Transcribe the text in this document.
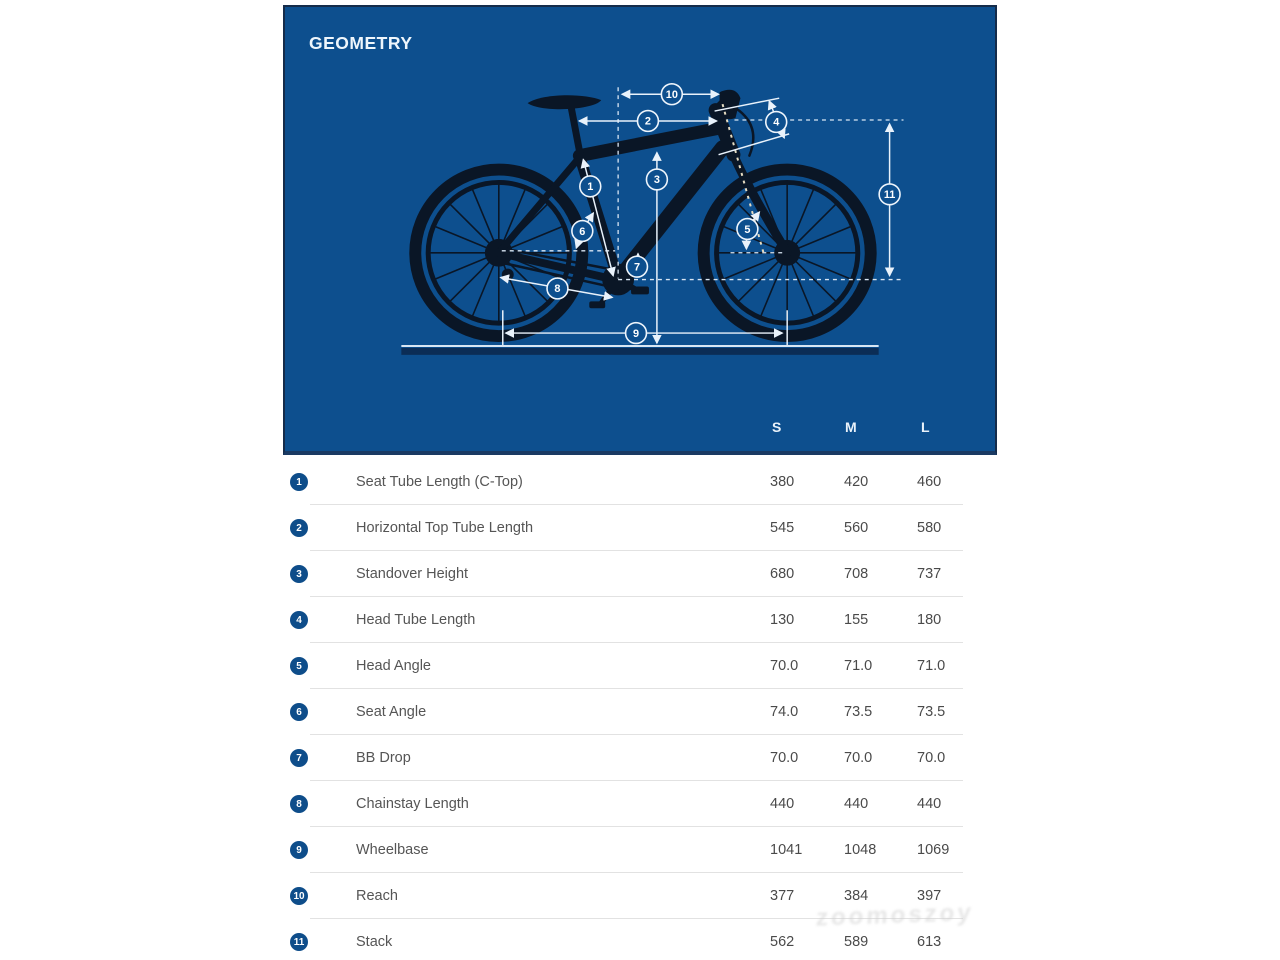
1
2
3
4
5
6
7
8
9
10
11
GEOMETRY
S	M	L
1	Seat Tube Length (C-Top)	380	420	460
2	Horizontal Top Tube Length	545	560	580
3	Standover Height	680	708	737
4	Head Tube Length	130	155	180
5	Head Angle	70.0	71.0	71.0
6	Seat Angle	74.0	73.5	73.5
7	BB Drop	70.0	70.0	70.0
8	Chainstay Length	440	440	440
9	Wheelbase	1041	1048	1069
10	Reach	377	384	397
11	Stack	562	589	613
zoomoszoy
